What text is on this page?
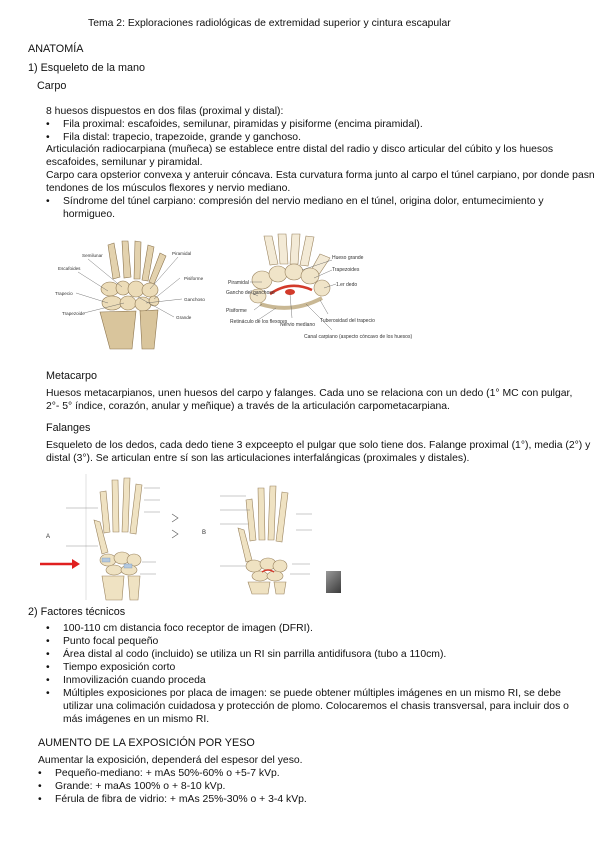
Tema 2: Exploraciones radiológicas de extremidad superior y cintura escapular
ANATOMÍA
1) Esqueleto de la mano
Carpo
8 huesos dispuestos en dos filas (proximal y distal):
• Fila proximal: escafoides, semilunar, piramidas y pisiforme (encima piramidal).
• Fila distal: trapecio, trapezoide, grande y ganchoso.
Articulación radiocarpiana (muñeca) se establece entre distal del radio y disco articular del cúbito y los huesos escafoides, semilunar y piramidal.
Carpo cara opsterior convexa y anteruir cóncava. Esta curvatura forma junto al carpo el túnel carpiano, por donde pasn tendones de los músculos flexores y nervio mediano.
• Síndrome del túnel carpiano: compresión del nervio mediano en el túnel, origina dolor, entumecimiento y hormigueo.
Semilunar	Piramidal
Escafoides
Pisiforme
Trapecio
Ganchoso
Trapezoide
Grande
Hueso grande
Trapezoides
1.er dedo
Piramidal
Gancho del ganchoso
Pisiforme
Retináculo de los flexores
Nervio mediano
Tuberosidad del trapecio
Canal carpiano (aspecto cóncavo de los huesos)
Metacarpo
Huesos metacarpianos, unen huesos del carpo y falanges. Cada uno se relaciona con un dedo (1° MC con pulgar, 2°- 5° índice, corazón, anular y meñique) a través de la articulación carpometacarpiana.
Falanges
Esqueleto de los dedos, cada dedo tiene 3 expceepto el pulgar que solo tiene dos. Falange proximal (1°), media (2°) y distal (3°). Se articulan entre sí son las articulaciones interfalángicas (proximales y distales).
A
B
2) Factores técnicos
• 100-110 cm distancia foco receptor de imagen (DFRI).
• Punto focal pequeño
• Área distal al codo (incluido) se utiliza un RI sin parrilla antidifusora (tubo a 110cm).
• Tiempo exposición corto
• Inmovilización cuando proceda
• Múltiples exposiciones por placa de imagen: se puede obtener múltiples imágenes en un mismo RI, se debe utilizar una colimación cuidadosa y protección de plomo. Colocaremos el chasis transversal, para incluir dos o más imágenes en un mismo RI.
AUMENTO DE LA EXPOSICIÓN POR YESO
Aumentar la exposición, dependerá del espesor del yeso.
• Pequeño-mediano: + mAs 50%-60% o +5-7 kVp.
• Grande: + maAs 100% o + 8-10 kVp.
• Férula de fibra de vidrio: + mAs 25%-30% o + 3-4 kVp.
